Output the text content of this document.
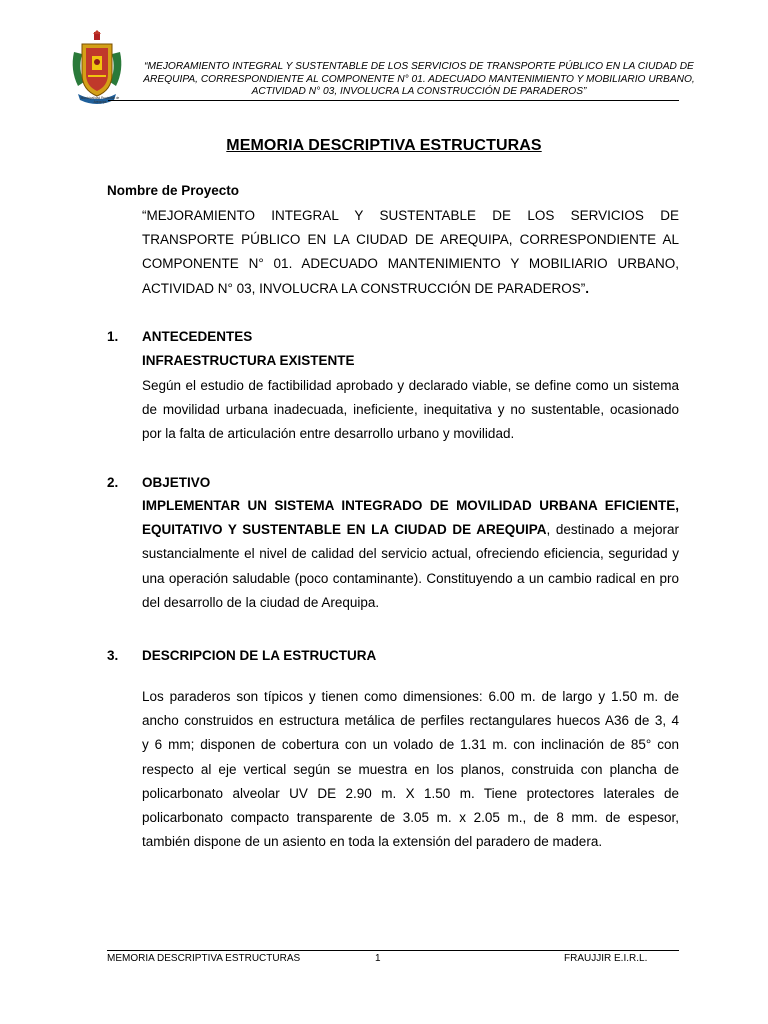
“MEJORAMIENTO INTEGRAL Y SUSTENTABLE DE LOS SERVICIOS DE TRANSPORTE PÚBLICO EN LA CIUDAD DE
AREQUIPA, CORRESPONDIENTE AL COMPONENTE N° 01. ADECUADO MANTENIMIENTO Y MOBILIARIO URBANO,
ACTIVIDAD N° 03, INVOLUCRA LA CONSTRUCCIÓN DE PARADEROS”
Municipalidad Provincial de Arequipa
MEMORIA DESCRIPTIVA ESTRUCTURAS
Nombre de Proyecto
“MEJORAMIENTO INTEGRAL Y SUSTENTABLE DE LOS SERVICIOS DE
TRANSPORTE PÚBLICO EN LA CIUDAD DE AREQUIPA, CORRESPONDIENTE AL
COMPONENTE N° 01. ADECUADO MANTENIMIENTO Y MOBILIARIO URBANO,
ACTIVIDAD N° 03, INVOLUCRA LA CONSTRUCCIÓN DE PARADEROS”.
1. ANTECEDENTES
INFRAESTRUCTURA EXISTENTE
Según el estudio de factibilidad aprobado y declarado viable, se define como un sistema
de movilidad urbana inadecuada, ineficiente, inequitativa y no sustentable, ocasionado
por la falta de articulación entre desarrollo urbano y movilidad.
2. OBJETIVO
IMPLEMENTAR UN SISTEMA INTEGRADO DE MOVILIDAD URBANA EFICIENTE,
EQUITATIVO Y SUSTENTABLE EN LA CIUDAD DE AREQUIPA, destinado a mejorar
sustancialmente el nivel de calidad del servicio actual, ofreciendo eficiencia, seguridad y
una operación saludable (poco contaminante). Constituyendo a un cambio radical en pro
del desarrollo de la ciudad de Arequipa.
3. DESCRIPCION DE LA ESTRUCTURA
Los paraderos son típicos y tienen como dimensiones: 6.00 m. de largo y 1.50 m. de
ancho construidos en estructura metálica de perfiles rectangulares huecos A36 de 3, 4
y 6 mm; disponen de cobertura con un volado de 1.31 m. con inclinación de 85° con
respecto al eje vertical según se muestra en los planos, construida con plancha de
policarbonato alveolar UV DE 2.90 m. X 1.50 m. Tiene protectores laterales de
policarbonato compacto transparente de 3.05 m. x 2.05 m., de 8 mm. de espesor,
también dispone de un asiento en toda la extensión del paradero de madera.
MEMORIA DESCRIPTIVA ESTRUCTURAS	1	FRAUJJIR E.I.R.L.
